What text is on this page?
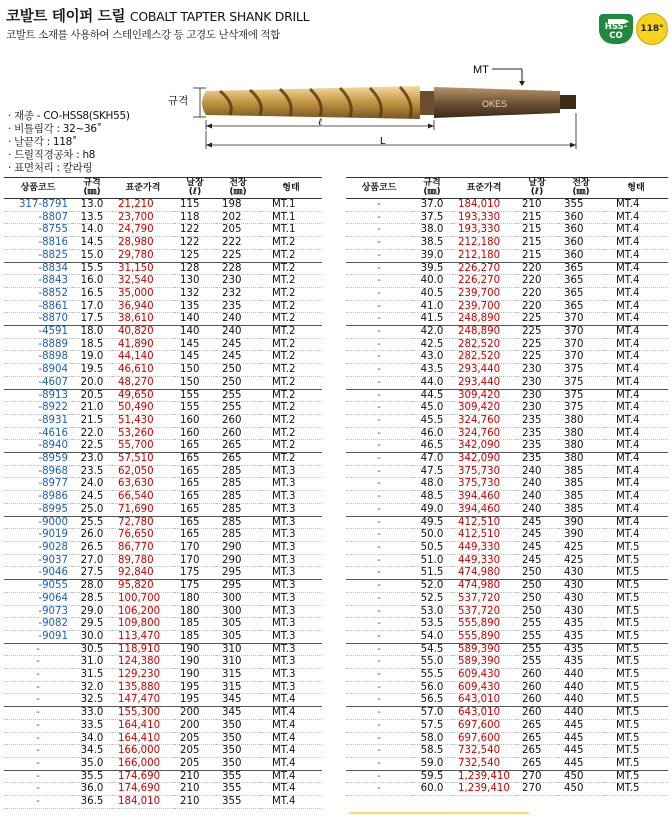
코발트 테이퍼 드릴 COBALT TAPTER SHANK DRILL
코발트 소재를 사용하여 스테인레스강 등 고경도 난삭재에 적합
HSS-CO
118°
· 재종 - CO-HSS8(SKH55)
· 비틀림각 : 32~36˚
· 날끝각 : 118˚
· 드릴직경공차 : h8
· 표면처리 : 칼라링
MT
규격	OKES
ℓ
L
상품코드	규격
(㎜)	표준가격	날장
(ℓ)	전장
(㎜)	형태
317-8791	13.0	21,210	115	198	MT.1
-8807	13.5	23,700	118	202	MT.1
-8755	14.0	24,790	122	205	MT.1
-8816	14.5	28,980	122	222	MT.2
-8825	15.0	29,780	125	225	MT.2
-8834	15.5	31,150	128	228	MT.2
-8843	16.0	32,540	130	230	MT.2
-8852	16.5	35,000	132	232	MT.2
-8861	17.0	36,940	135	235	MT.2
-8870	17.5	38,610	140	240	MT.2
-4591	18.0	40,820	140	240	MT.2
-8889	18.5	41,890	145	245	MT.2
-8898	19.0	44,140	145	245	MT.2
-8904	19.5	46,610	150	250	MT.2
-4607	20.0	48,270	150	250	MT.2
-8913	20.5	49,650	155	255	MT.2
-8922	21.0	50,490	155	255	MT.2
-8931	21.5	51,430	160	260	MT.2
-4616	22.0	53,260	160	260	MT.2
-8940	22.5	55,700	165	265	MT.2
-8959	23.0	57,510	165	265	MT.2
-8968	23.5	62,050	165	285	MT.3
-8977	24.0	63,630	165	285	MT.3
-8986	24.5	66,540	165	285	MT.3
-8995	25.0	71,690	165	285	MT.3
-9000	25.5	72,780	165	285	MT.3
-9019	26.0	76,650	165	285	MT.3
-9028	26.5	86,770	170	290	MT.3
-9037	27.0	89,780	170	290	MT.3
-9046	27.5	92,840	175	295	MT.3
-9055	28.0	95,820	175	295	MT.3
-9064	28.5	100,700	180	300	MT.3
-9073	29.0	106,200	180	300	MT.3
-9082	29.5	109,800	185	305	MT.3
-9091	30.0	113,470	185	305	MT.3
-	30.5	118,910	190	310	MT.3
-	31.0	124,380	190	310	MT.3
-	31.5	129,230	190	315	MT.3
-	32.0	135,880	195	315	MT.3
-	32.5	147,470	195	345	MT.4
-	33.0	155,300	200	345	MT.4
-	33.5	164,410	200	350	MT.4
-	34.0	164,410	205	350	MT.4
-	34.5	166,000	205	350	MT.4
-	35.0	166,000	205	350	MT.4
-	35.5	174,690	210	355	MT.4
-	36.0	174,690	210	355	MT.4
-	36.5	184,010	210	355	MT.4
상품코드	규격
(㎜)	표준가격	날장
(ℓ)	전장
(㎜)	형태
-	37.0	184,010	210	355	MT.4
-	37.5	193,330	215	360	MT.4
-	38.0	193,330	215	360	MT.4
-	38.5	212,180	215	360	MT.4
-	39.0	212,180	215	360	MT.4
-	39.5	226,270	220	365	MT.4
-	40.0	226,270	220	365	MT.4
-	40.5	239,700	220	365	MT.4
-	41.0	239,700	220	365	MT.4
-	41.5	248,890	225	370	MT.4
-	42.0	248,890	225	370	MT.4
-	42.5	282,520	225	370	MT.4
-	43.0	282,520	225	370	MT.4
-	43.5	293,440	230	375	MT.4
-	44.0	293,440	230	375	MT.4
-	44.5	309,420	230	375	MT.4
-	45.0	309,420	230	375	MT.4
-	45.5	324,760	235	380	MT.4
-	46.0	324,760	235	380	MT.4
-	46.5	342,090	235	380	MT.4
-	47.0	342,090	235	380	MT.4
-	47.5	375,730	240	385	MT.4
-	48.0	375,730	240	385	MT.4
-	48.5	394,460	240	385	MT.4
-	49.0	394,460	240	385	MT.4
-	49.5	412,510	245	390	MT.4
-	50.0	412,510	245	390	MT.4
-	50.5	449,330	245	425	MT.5
-	51.0	449,330	245	425	MT.5
-	51.5	474,980	250	430	MT.5
-	52.0	474,980	250	430	MT.5
-	52.5	537,720	250	430	MT.5
-	53.0	537,720	250	430	MT.5
-	53.5	555,890	255	435	MT.5
-	54.0	555,890	255	435	MT.5
-	54.5	589,390	255	435	MT.5
-	55.0	589,390	255	435	MT.5
-	55.5	609,430	260	440	MT.5
-	56.0	609,430	260	440	MT.5
-	56.5	643,010	260	440	MT.5
-	57.0	643,010	260	440	MT.5
-	57.5	697,600	265	445	MT.5
-	58.0	697,600	265	445	MT.5
-	58.5	732,540	265	445	MT.5
-	59.0	732,540	265	445	MT.5
-	59.5	1,239,410	270	450	MT.5
-	60.0	1,239,410	270	450	MT.5
